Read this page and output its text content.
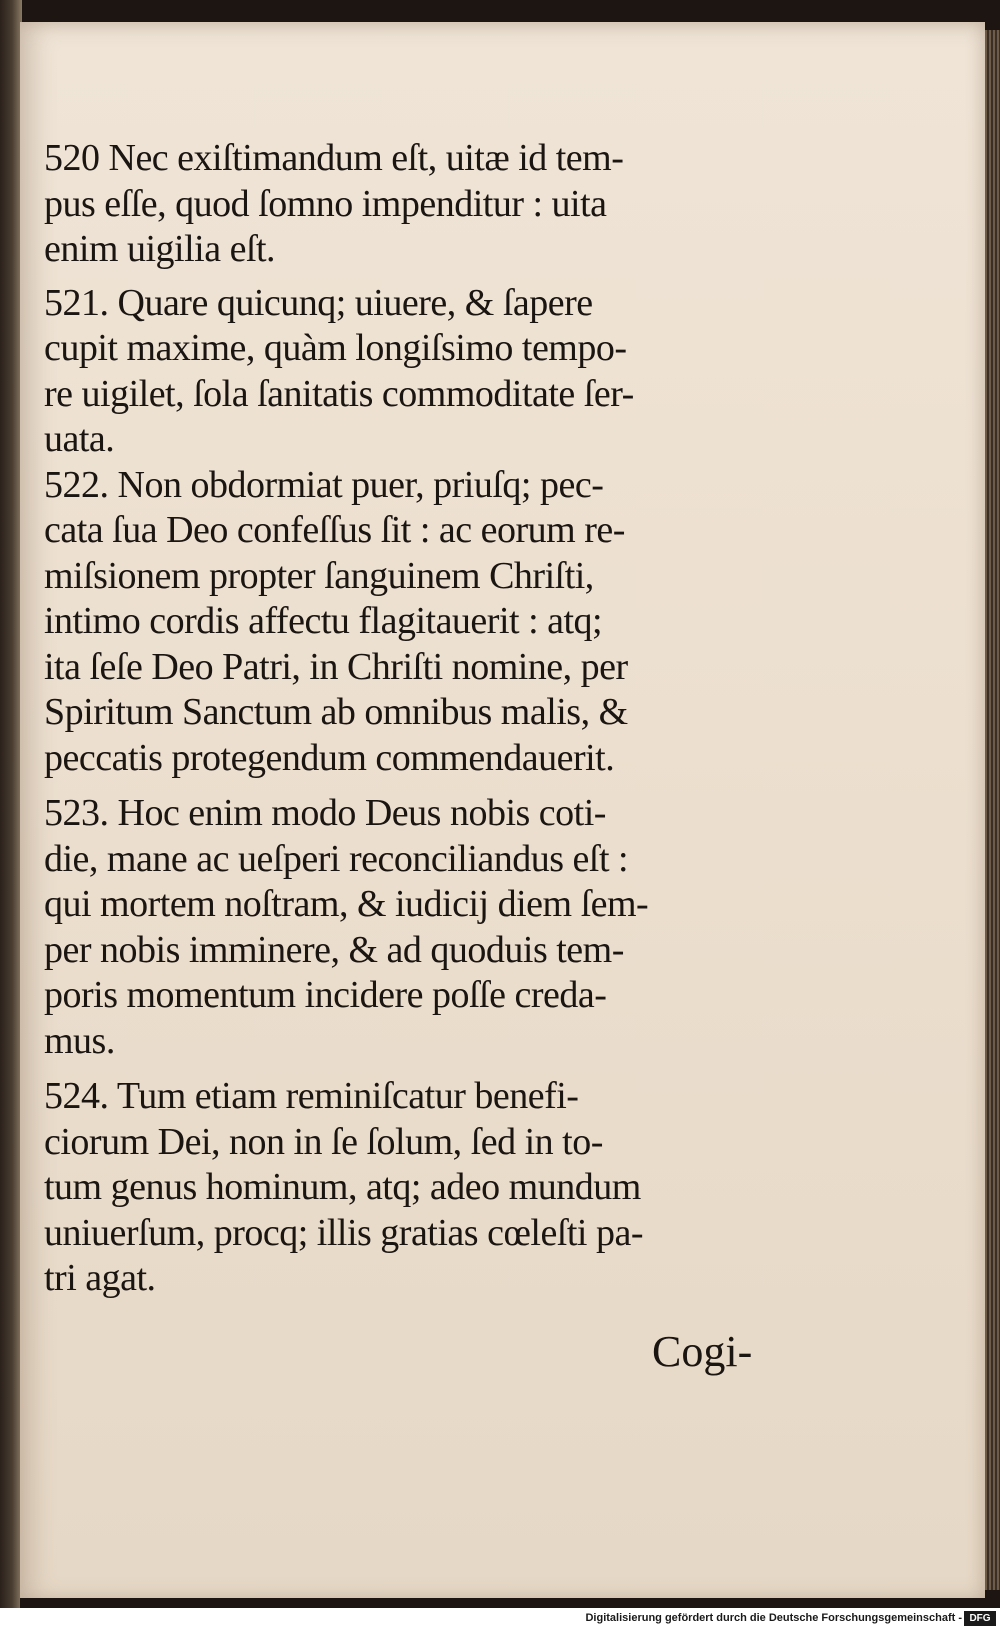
520 Nec exiſtimandum eſt, uitæ id tem-
pus eſſe, quod ſomno impenditur : uita
enim uigilia eſt.

521. Quare quicunq; uiuere, & ſapere
cupit maxime, quàm longiſsimo tempo-
re uigilet, ſola ſanitatis commoditate ſer-
uata.

522. Non obdormiat puer, priuſq; pec-
cata ſua Deo confeſſus ſit : ac eorum re-
miſsionem propter ſanguinem Chriſti,
intimo cordis affectu flagitauerit : atq;
ita ſeſe Deo Patri, in Chriſti nomine, per
Spiritum Sanctum ab omnibus malis, &
peccatis protegendum commendauerit.

523. Hoc enim modo Deus nobis coti-
die, mane ac ueſperi reconciliandus eſt :
qui mortem noſtram, & iudicij diem ſem-
per nobis imminere, & ad quoduis tem-
poris momentum incidere poſſe creda-
mus.

524. Tum etiam reminiſcatur benefi-
ciorum Dei, non in ſe ſolum, ſed in to-
tum genus hominum, atq; adeo mundum
uniuerſum, procq; illis gratias cœleſti pa-
tri agat.

Cogi-
Digitalisierung gefördert durch die Deutsche Forschungsgemeinschaft - DFG
